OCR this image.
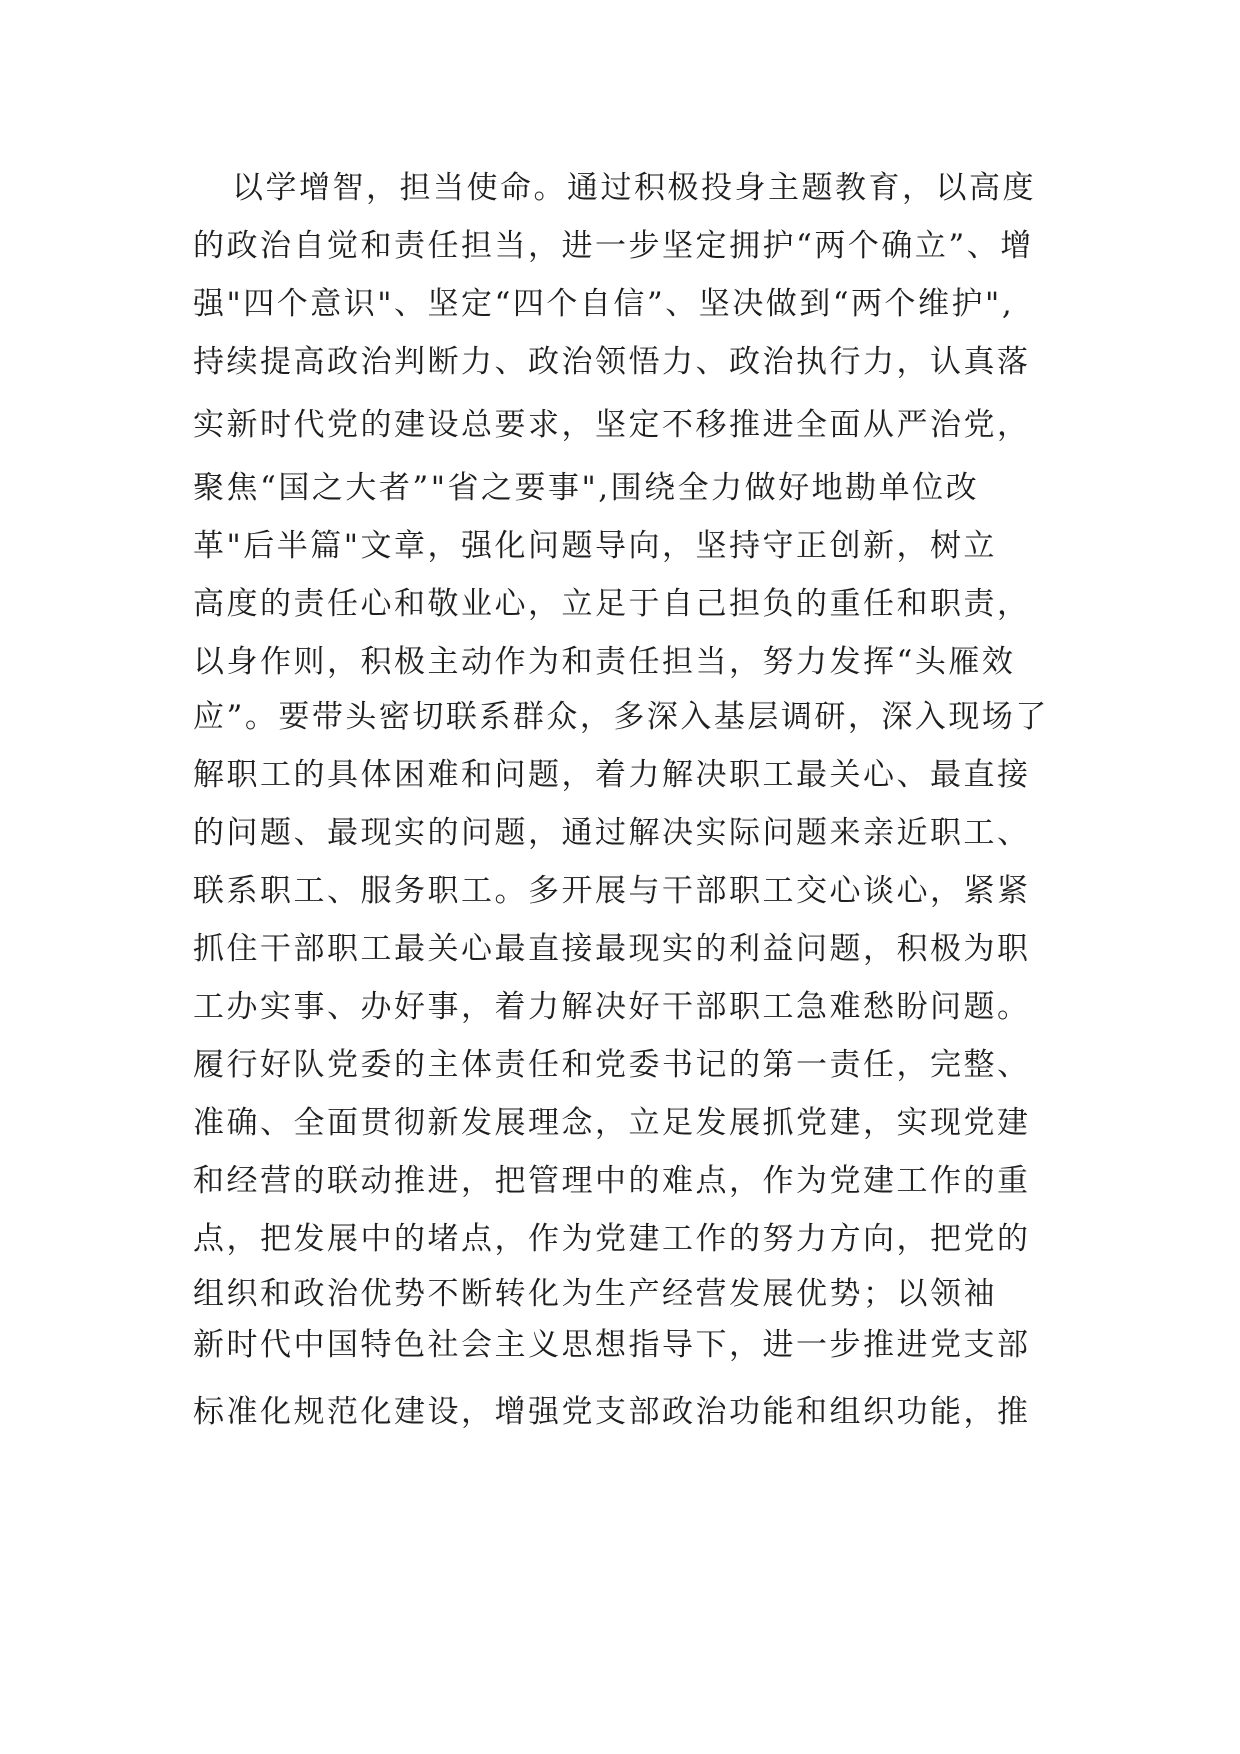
以学增智，担当使命。通过积极投身主题教育，以高度
的政治自觉和责任担当，进一步坚定拥护“两个确立”、增
强"四个意识"、坚定“四个自信”、坚决做到“两个维护",
持续提高政治判断力、政治领悟力、政治执行力，认真落
实新时代党的建设总要求，坚定不移推进全面从严治党，
聚焦“国之大者”"省之要事",围绕全力做好地勘单位改
革"后半篇"文章，强化问题导向，坚持守正创新，树立
高度的责任心和敬业心，立足于自己担负的重任和职责，
以身作则，积极主动作为和责任担当，努力发挥“头雁效
应”。要带头密切联系群众，多深入基层调研，深入现场了
解职工的具体困难和问题，着力解决职工最关心、最直接
的问题、最现实的问题，通过解决实际问题来亲近职工、
联系职工、服务职工。多开展与干部职工交心谈心，紧紧
抓住干部职工最关心最直接最现实的利益问题，积极为职
工办实事、办好事，着力解决好干部职工急难愁盼问题。
履行好队党委的主体责任和党委书记的第一责任，完整、
准确、全面贯彻新发展理念，立足发展抓党建，实现党建
和经营的联动推进，把管理中的难点，作为党建工作的重
点，把发展中的堵点，作为党建工作的努力方向，把党的
组织和政治优势不断转化为生产经营发展优势；以领袖
新时代中国特色社会主义思想指导下，进一步推进党支部
标准化规范化建设，增强党支部政治功能和组织功能，推
